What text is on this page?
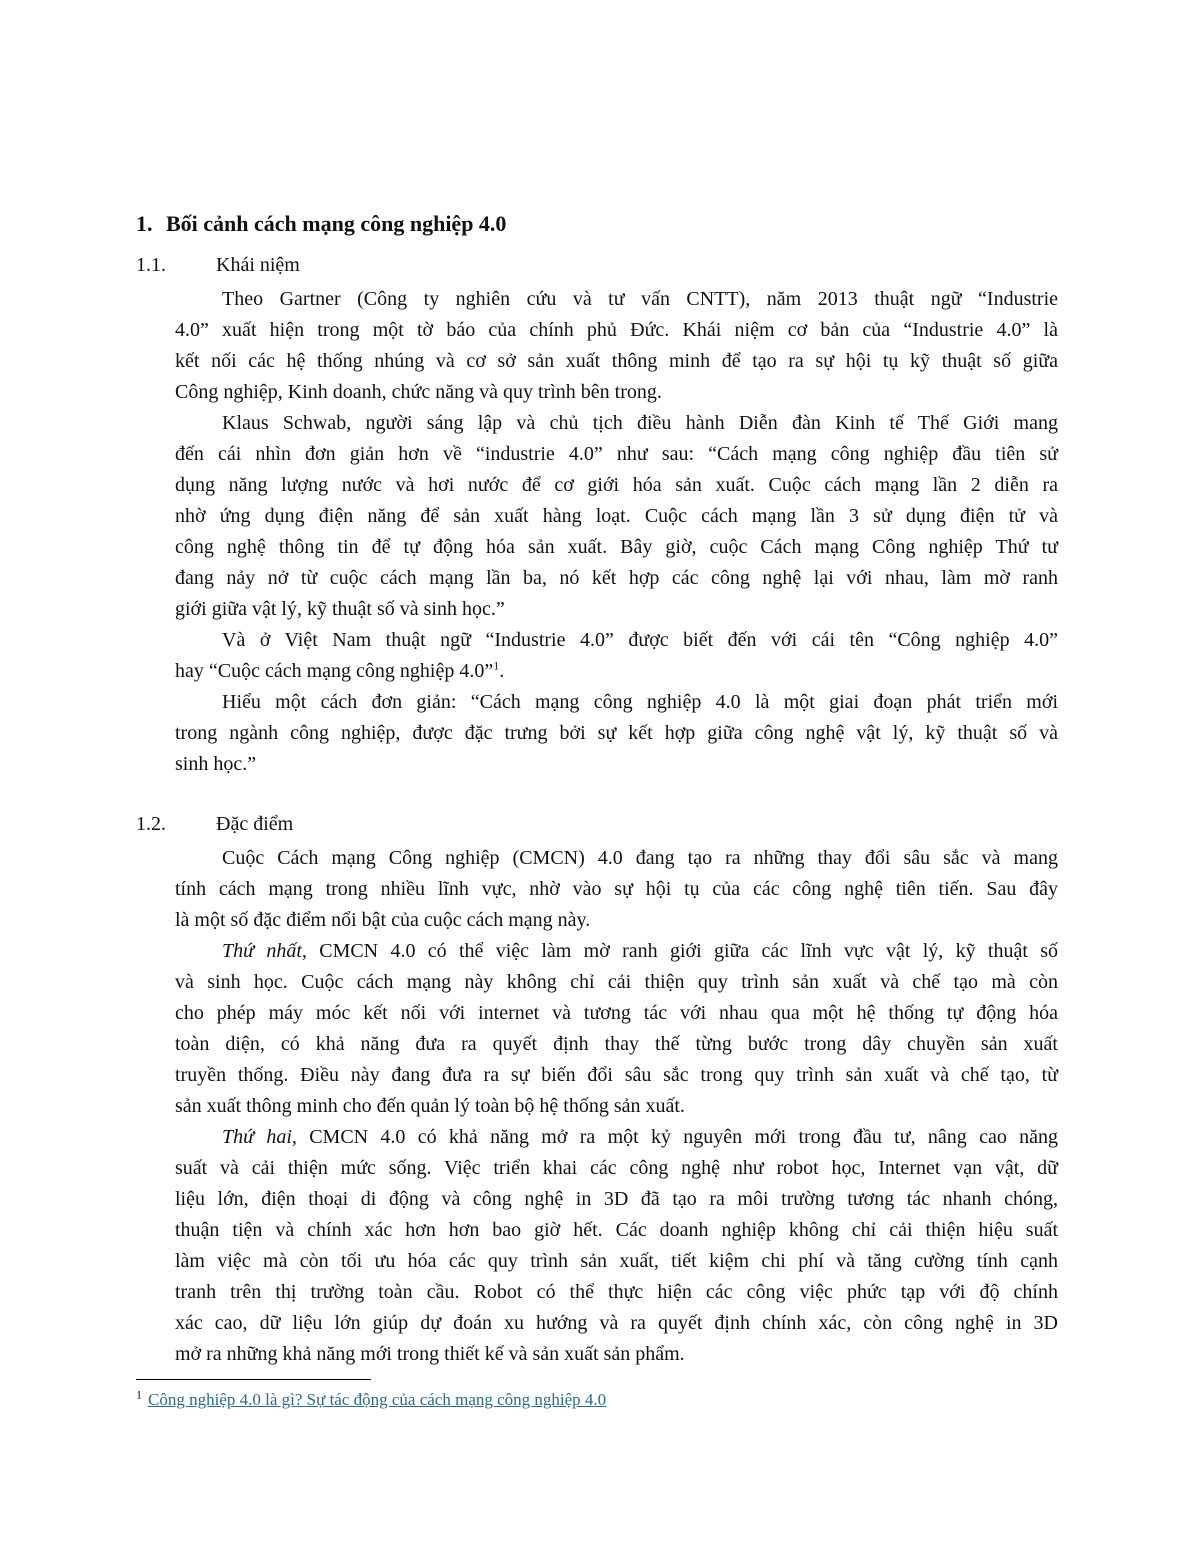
1. Bối cảnh cách mạng công nghiệp 4.0
1.1.	Khái niệm
Theo Gartner (Công ty nghiên cứu và tư vấn CNTT), năm 2013 thuật ngữ “Industrie
4.0” xuất hiện trong một tờ báo của chính phủ Đức. Khái niệm cơ bản của “Industrie 4.0” là
kết nối các hệ thống nhúng và cơ sở sản xuất thông minh để tạo ra sự hội tụ kỹ thuật số giữa
Công nghiệp, Kinh doanh, chức năng và quy trình bên trong.
Klaus Schwab, người sáng lập và chủ tịch điều hành Diễn đàn Kinh tế Thế Giới mang
đến cái nhìn đơn giản hơn về “industrie 4.0” như sau: “Cách mạng công nghiệp đầu tiên sử
dụng năng lượng nước và hơi nước để cơ giới hóa sản xuất. Cuộc cách mạng lần 2 diễn ra
nhờ ứng dụng điện năng để sản xuất hàng loạt. Cuộc cách mạng lần 3 sử dụng điện tử và
công nghệ thông tin để tự động hóa sản xuất. Bây giờ, cuộc Cách mạng Công nghiệp Thứ tư
đang nảy nở từ cuộc cách mạng lần ba, nó kết hợp các công nghệ lại với nhau, làm mờ ranh
giới giữa vật lý, kỹ thuật số và sinh học.”
Và ở Việt Nam thuật ngữ “Industrie 4.0” được biết đến với cái tên “Công nghiệp 4.0”
hay “Cuộc cách mạng công nghiệp 4.0”$^1$.
Hiểu một cách đơn giản: “Cách mạng công nghiệp 4.0 là một giai đoạn phát triển mới
trong ngành công nghiệp, được đặc trưng bởi sự kết hợp giữa công nghệ vật lý, kỹ thuật số và
sinh học.”
1.2.	Đặc điểm
Cuộc Cách mạng Công nghiệp (CMCN) 4.0 đang tạo ra những thay đổi sâu sắc và mang
tính cách mạng trong nhiều lĩnh vực, nhờ vào sự hội tụ của các công nghệ tiên tiến. Sau đây
là một số đặc điểm nổi bật của cuộc cách mạng này.
Thứ nhất, CMCN 4.0 có thể việc làm mờ ranh giới giữa các lĩnh vực vật lý, kỹ thuật số
và sinh học. Cuộc cách mạng này không chỉ cải thiện quy trình sản xuất và chế tạo mà còn
cho phép máy móc kết nối với internet và tương tác với nhau qua một hệ thống tự động hóa
toàn diện, có khả năng đưa ra quyết định thay thế từng bước trong dây chuyền sản xuất
truyền thống. Điều này đang đưa ra sự biến đổi sâu sắc trong quy trình sản xuất và chế tạo, từ
sản xuất thông minh cho đến quản lý toàn bộ hệ thống sản xuất.
Thứ hai, CMCN 4.0 có khả năng mở ra một kỷ nguyên mới trong đầu tư, nâng cao năng
suất và cải thiện mức sống. Việc triển khai các công nghệ như robot học, Internet vạn vật, dữ
liệu lớn, điện thoại di động và công nghệ in 3D đã tạo ra môi trường tương tác nhanh chóng,
thuận tiện và chính xác hơn hơn bao giờ hết. Các doanh nghiệp không chỉ cải thiện hiệu suất
làm việc mà còn tối ưu hóa các quy trình sản xuất, tiết kiệm chi phí và tăng cường tính cạnh
tranh trên thị trường toàn cầu. Robot có thể thực hiện các công việc phức tạp với độ chính
xác cao, dữ liệu lớn giúp dự đoán xu hướng và ra quyết định chính xác, còn công nghệ in 3D
mở ra những khả năng mới trong thiết kế và sản xuất sản phẩm.
$^1$ Công nghiệp 4.0 là gì? Sự tác động của cách mạng công nghiệp 4.0
